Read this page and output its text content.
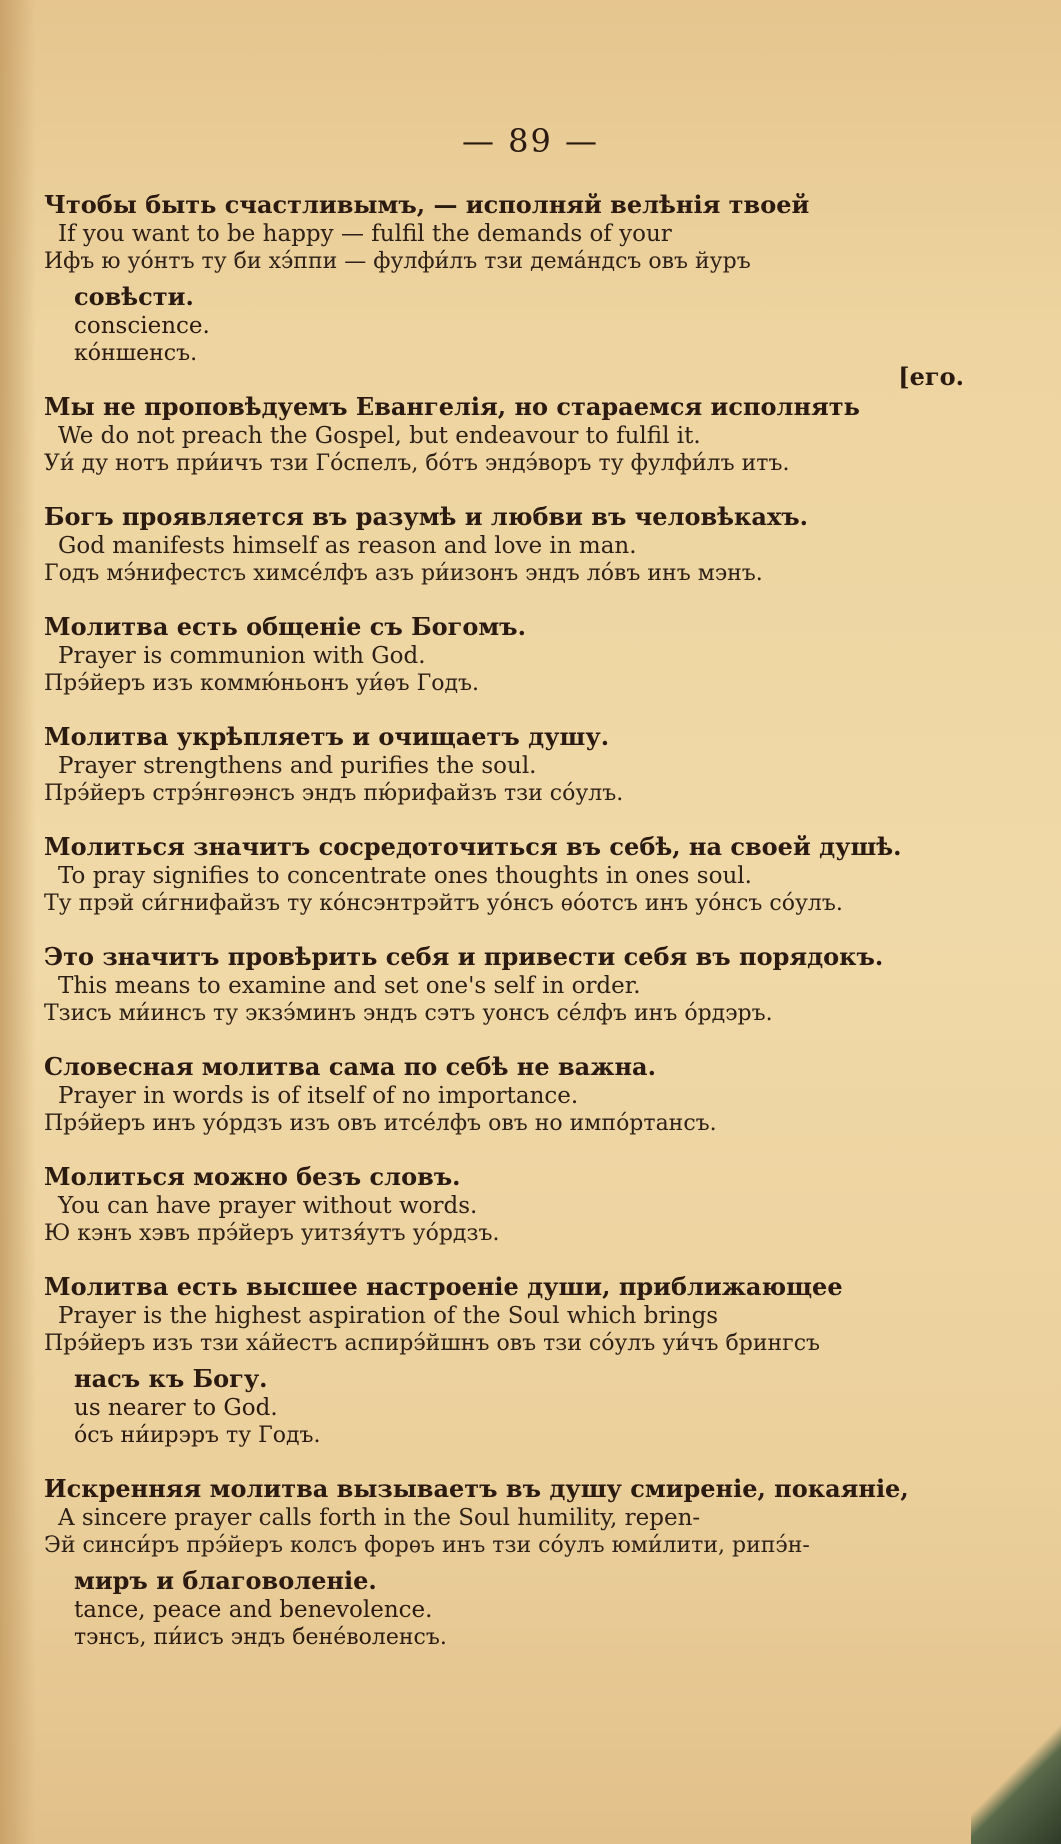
— 89 —
Чтобы быть счастливымъ, — исполняй велѣнія твоей
If you want to be happy — fulfil the demands of your
Ифъ ю уо́нтъ ту би хэ́ппи — фулфи́лъ тзи дема́ндсъ овъ йуръ
совѣсти.
conscience.
ко́ншенсъ.
[его.
Мы не проповѣдуемъ Евангелія, но стараемся исполнять
We do not preach the Gospel, but endeavour to fulfil it.
Уи́ ду нотъ при́ичъ тзи Го́спелъ, бо́тъ эндэ́воръ ту фулфи́лъ итъ.
Богъ проявляется въ разумѣ и любви въ человѣкахъ.
God manifests himself as reason and love in man.
Годъ мэ́нифестсъ химсе́лфъ азъ ри́изонъ эндъ ло́въ инъ мэнъ.
Молитва есть общеніе съ Богомъ.
Prayer is communion with God.
Прэ́йеръ изъ коммю́ньонъ уи́ѳъ Годъ.
Молитва укрѣпляетъ и очищаетъ душу.
Prayer strengthens and purifies the soul.
Прэ́йеръ стрэ́нгѳэнсъ эндъ пю́рифайзъ тзи со́улъ.
Молиться значитъ сосредоточиться въ себѣ, на своей душѣ.
To pray signifies to concentrate ones thoughts in ones soul.
Ту прэй си́гнифайзъ ту ко́нсэнтрэйтъ уо́нсъ ѳо́отсъ инъ уо́нсъ со́улъ.
Это значитъ провѣрить себя и привести себя въ порядокъ.
This means to examine and set one's self in order.
Тзисъ ми́инсъ ту экзэ́минъ эндъ сэтъ уонсъ се́лфъ инъ о́рдэръ.
Словесная молитва сама по себѣ не важна.
Prayer in words is of itself of no importance.
Прэ́йеръ инъ уо́рдзъ изъ овъ итсе́лфъ овъ но импо́ртансъ.
Молиться можно безъ словъ.
You can have prayer without words.
Ю кэнъ хэвъ прэ́йеръ уитзя́утъ уо́рдзъ.
Молитва есть высшее настроеніе души, приближающее
Prayer is the highest aspiration of the Soul which brings
Прэ́йеръ изъ тзи ха́йестъ аспирэ́йшнъ овъ тзи со́улъ уи́чъ брингсъ
насъ къ Богу.
us nearer to God.
о́съ ни́ирэръ ту Годъ.
Искренняя молитва вызываетъ въ душу смиреніе, покаяніе,
A sincere prayer calls forth in the Soul humility, repen-
Эй синси́ръ прэ́йеръ колсъ форѳъ инъ тзи со́улъ юми́лити, рипэ́н-
миръ и благоволеніе.
tance, peace and benevolence.
тэнсъ, пи́исъ эндъ бене́воленсъ.
